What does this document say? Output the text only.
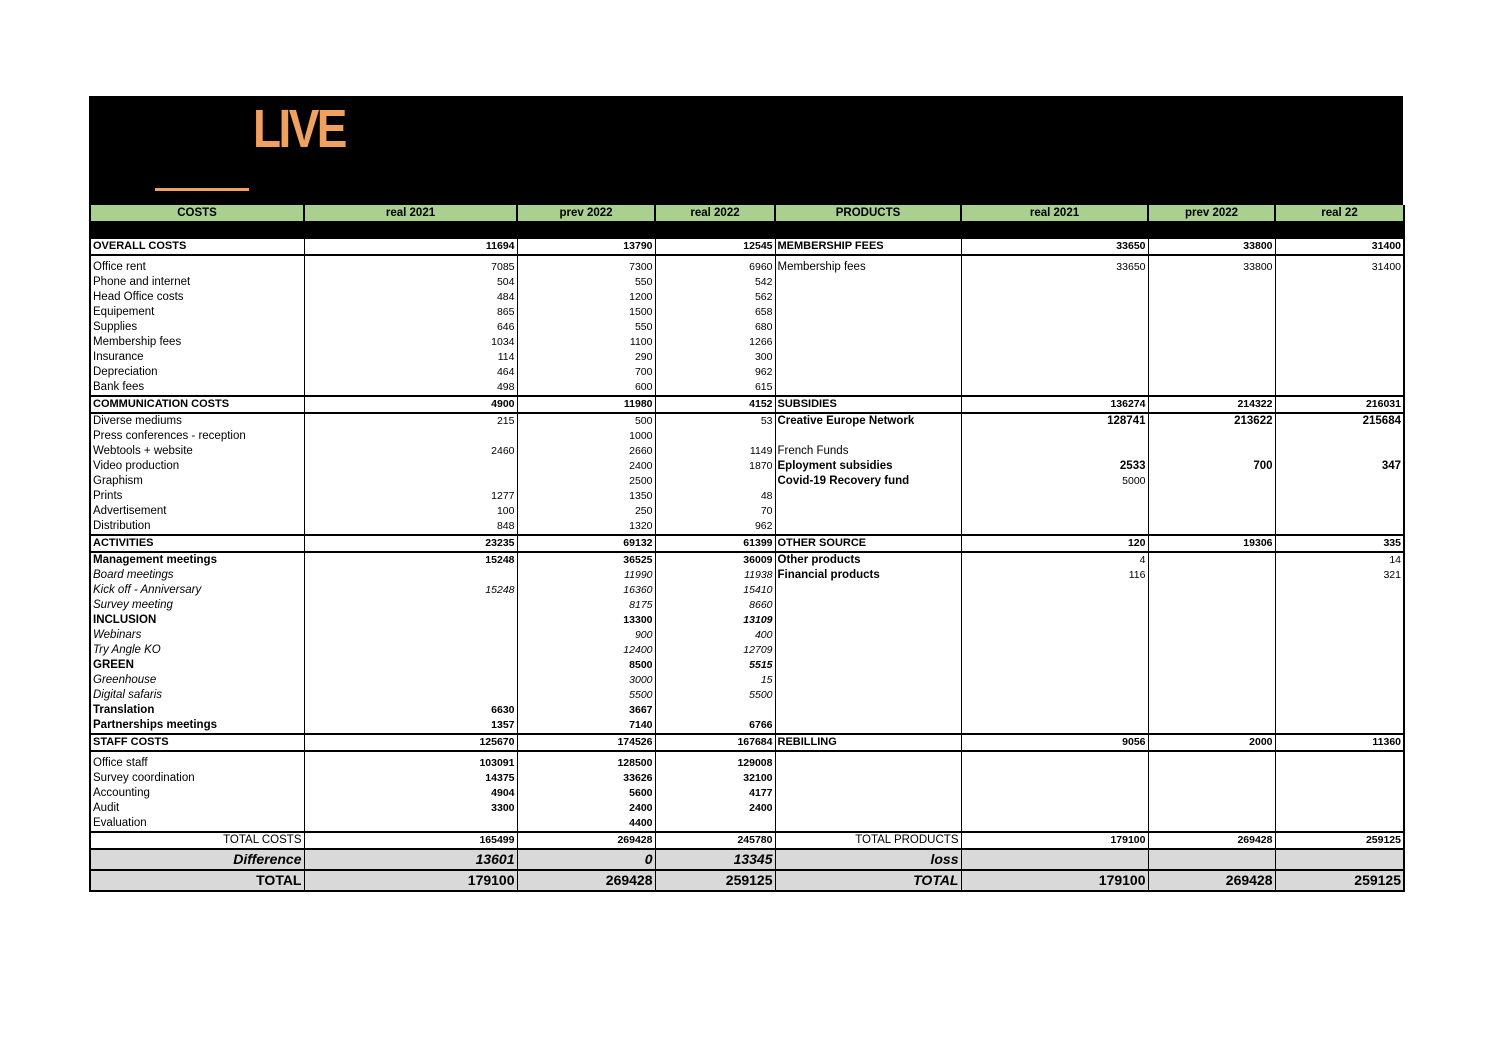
LIVE
COSTS	real 2021	prev 2022	real 2022	PRODUCTS	real 2021	prev 2022	real 22

OVERALL COSTS	11694	13790	12545	MEMBERSHIP FEES	33650	33800	31400

Office rent	7085	7300	6960	Membership fees	33650	33800	31400
Phone and internet	504	550	542				
Head Office costs	484	1200	562				
Equipement	865	1500	658				
Supplies	646	550	680				
Membership fees	1034	1100	1266				
Insurance	114	290	300				
Depreciation	464	700	962				
Bank fees	498	600	615				
COMMUNICATION COSTS	4900	11980	4152	SUBSIDIES	136274	214322	216031
Diverse mediums	215	500	53	Creative Europe Network	128741	213622	215684
Press conferences - reception		1000					
Webtools + website	2460	2660	1149	French Funds			
Video production		2400	1870	Eployment subsidies	2533	700	347
Graphism		2500		Covid-19 Recovery fund	5000		
Prints	1277	1350	48				
Advertisement	100	250	70				
Distribution	848	1320	962				
ACTIVITIES	23235	69132	61399	OTHER SOURCE	120	19306	335
Management meetings	15248	36525	36009	Other products	4		14
Board meetings		11990	11938	Financial products	116		321
Kick off - Anniversary	15248	16360	15410				
Survey meeting		8175	8660				
INCLUSION		13300	13109				
Webinars		900	400				
Try Angle KO		12400	12709				
GREEN		8500	5515				
Greenhouse		3000	15				
Digital safaris		5500	5500				
Translation	6630	3667					
Partnerships meetings	1357	7140	6766				
STAFF COSTS	125670	174526	167684	REBILLING	9056	2000	11360

Office staff	103091	128500	129008				
Survey coordination	14375	33626	32100				
Accounting	4904	5600	4177				
Audit	3300	2400	2400				
Evaluation		4400					
TOTAL COSTS	165499	269428	245780	TOTAL PRODUCTS	179100	269428	259125
Difference	13601	0	13345	loss			
TOTAL	179100	269428	259125	TOTAL	179100	269428	259125
